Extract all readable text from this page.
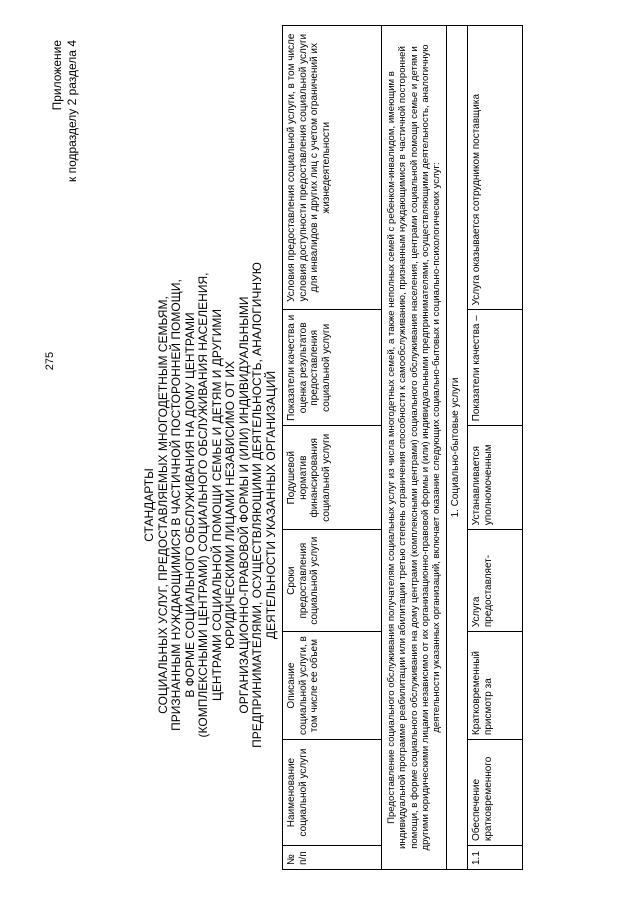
275
Приложение к подразделу 2 раздела 4
СТАНДАРТЫ СОЦИАЛЬНЫХ УСЛУГ, ПРЕДОСТАВЛЯЕМЫХ МНОГОДЕТНЫМ СЕМЬЯМ, ПРИЗНАННЫМ НУЖДАЮЩИМИСЯ В ЧАСТИЧНОЙ ПОСТОРОННЕЙ ПОМОЩИ, В ФОРМЕ СОЦИАЛЬНОГО ОБСЛУЖИВАНИЯ НА ДОМУ ЦЕНТРАМИ (КОМПЛЕКСНЫМИ ЦЕНТРАМИ) СОЦИАЛЬНОГО ОБСЛУЖИВАНИЯ НАСЕЛЕНИЯ, ЦЕНТРАМИ СОЦИАЛЬНОЙ ПОМОЩИ СЕМЬЕ И ДЕТЯМ И ДРУГИМИ ЮРИДИЧЕСКИМИ ЛИЦАМИ НЕЗАВИСИМО ОТ ИХ ОРГАНИЗАЦИОННО-ПРАВОВОЙ ФОРМЫ И (ИЛИ) ИНДИВИДУАЛЬНЫМИ ПРЕДПРИНИМАТЕЛЯМИ, ОСУЩЕСТВЛЯЮЩИМИ ДЕЯТЕЛЬНОСТЬ, АНАЛОГИЧНУЮ ДЕЯТЕЛЬНОСТИ УКАЗАННЫХ ОРГАНИЗАЦИЙ
№ п/п	Наименование социальной услуги	Описание социальной услуги, в том числе ее объем	Сроки предоставления социальной услуги	Подушевой норматив финансирования социальной услуги	Показатели качества и оценка результатов предоставления социальной услуги	Условия предоставления социальной услуги, в том числе условия доступности предоставления социальной услуги для инвалидов и других лиц с учетом ограничений их жизнедеятельности
Предоставление социального обслуживания получателям социальных услуг из числа многодетных семей, а также неполных семей с ребенком-инвалидом, имеющим в индивидуальной программе реабилитации или абилитации третью степень ограничения способности к самообслуживанию, признанным нуждающимися в частичной посторонней помощи, в форме социального обслуживания на дому центрами (комплексными центрами) социального обслуживания населения, центрами социальной помощи семье и детям и другими юридическими лицами независимо от их организационно-правовой формы и (или) индивидуальными предпринимателями, осуществляющими деятельность, аналогичную деятельности указанных организаций, включает оказание следующих социально-бытовых и социально-психологических услуг:						
1. Социально-бытовые услуги						
1.1	Обеспечение кратковременного	Кратковременный присмотр за	Услуга предоставляет-	Устанавливается уполномоченным	Показатели качества –	Услуга оказывается сотрудником поставщика
